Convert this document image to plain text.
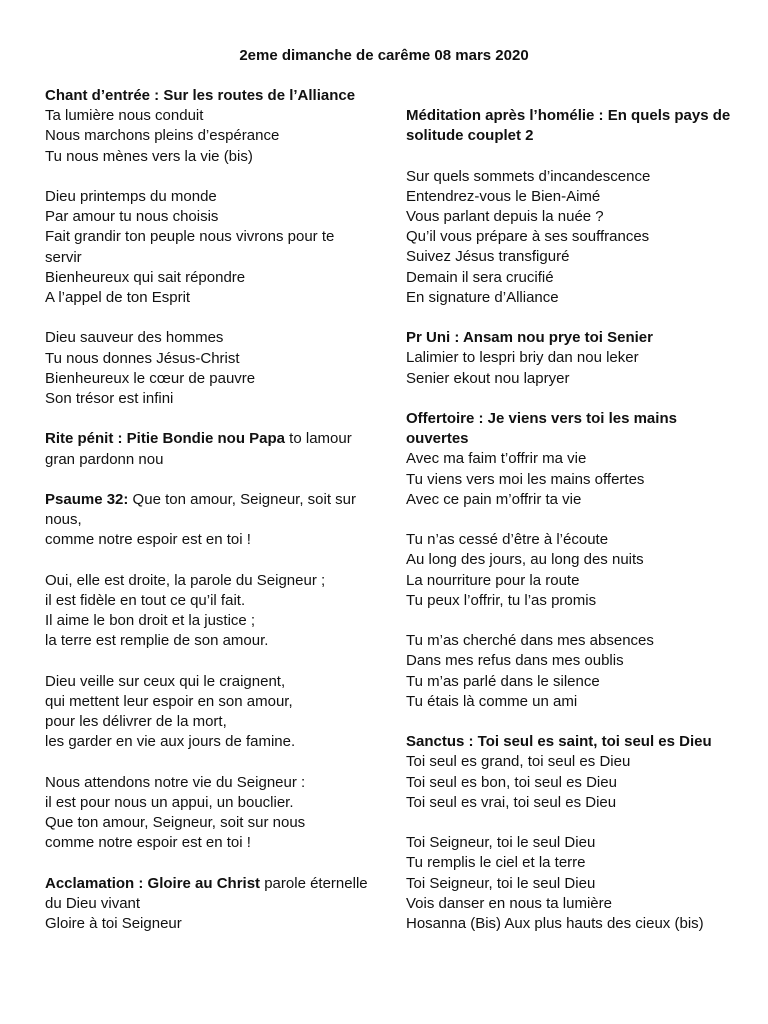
2eme dimanche de carême 08 mars 2020
Chant d’entrée : Sur les routes de l’Alliance
Ta lumière nous conduit
Nous marchons pleins d’espérance
Tu nous mènes vers la vie (bis)
Dieu printemps du monde
Par amour tu nous choisis
Fait grandir ton peuple nous vivrons pour te servir
Bienheureux qui sait répondre
A l’appel de ton Esprit
Dieu sauveur des hommes
Tu nous donnes Jésus-Christ
Bienheureux le cœur de pauvre
Son trésor est infini
Rite pénit : Pitie Bondie nou Papa to lamour gran pardonn nou
Psaume 32: Que ton amour, Seigneur, soit sur nous,
comme notre espoir est en toi !
Oui, elle est droite, la parole du Seigneur ;
il est fidèle en tout ce qu’il fait.
Il aime le bon droit et la justice ;
la terre est remplie de son amour.
Dieu veille sur ceux qui le craignent,
qui mettent leur espoir en son amour,
pour les délivrer de la mort,
les garder en vie aux jours de famine.
Nous attendons notre vie du Seigneur :
il est pour nous un appui, un bouclier.
Que ton amour, Seigneur, soit sur nous
comme notre espoir est en toi !
Acclamation : Gloire au Christ parole éternelle du Dieu vivant
Gloire à toi Seigneur
Méditation après l’homélie : En quels pays de solitude couplet 2
Sur quels sommets d’incandescence
Entendrez-vous le Bien-Aimé
Vous parlant depuis la nuée ?
Qu’il vous prépare à ses souffrances
Suivez Jésus transfiguré
Demain il sera crucifié
En signature d’Alliance
Pr Uni : Ansam nou prye toi Senier
Lalimier to lespri briy dan nou leker
Senier ekout nou lapryer
Offertoire : Je viens vers toi les mains ouvertes
Avec ma faim t’offrir ma vie
Tu viens vers moi les mains offertes
Avec ce pain m’offrir ta vie
Tu n’as cessé d’être à l’écoute
Au long des jours, au long des nuits
La nourriture pour la route
Tu peux l’offrir, tu l’as promis
Tu m’as cherché dans mes absences
Dans mes refus dans mes oublis
Tu m’as parlé dans le silence
Tu étais là comme un ami
Sanctus : Toi seul es saint, toi seul es Dieu
Toi seul es grand, toi seul es Dieu
Toi seul es bon, toi seul es Dieu
Toi seul es vrai, toi seul es Dieu
Toi Seigneur, toi le seul Dieu
Tu remplis le ciel et la terre
Toi Seigneur, toi le seul Dieu
Vois danser en nous ta lumière
Hosanna (Bis) Aux plus hauts des cieux (bis)
